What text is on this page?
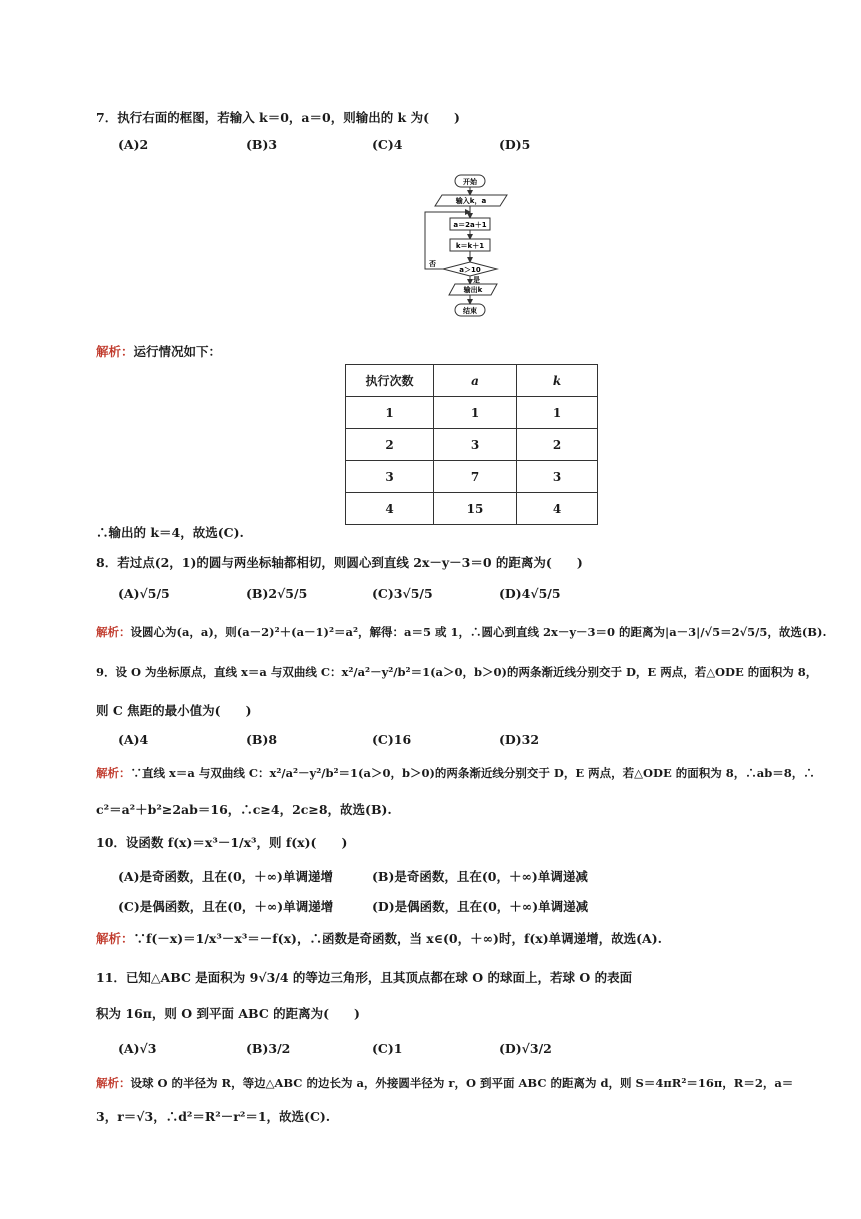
7．执行右面的框图，若输入 k＝0，a＝0，则输出的 k 为(　　)
(A)2	(B)3	(C)4	(D)5
开始
输入k，a
a＝2a＋1
k＝k＋1
a＞10
否
是
输出k
结束
解析：运行情况如下：
执行次数	a	k
1	1	1
2	3	2
3	7	3
4	15	4
∴输出的 k＝4，故选(C).
8．若过点(2，1)的圆与两坐标轴都相切，则圆心到直线 2x－y－3＝0 的距离为(　　)
(A)√5/5	(B)2√5/5	(C)3√5/5	(D)4√5/5
解析：设圆心为(a，a)，则(a－2)²＋(a－1)²＝a²，解得：a＝5 或 1，∴圆心到直线 2x－y－3＝0 的距离为|a－3|/√5＝2√5/5，故选(B).
9．设 O 为坐标原点，直线 x＝a 与双曲线 C：x²/a²－y²/b²＝1(a＞0，b＞0)的两条渐近线分别交于 D，E 两点，若△ODE 的面积为 8，
则 C 焦距的最小值为(　　)
(A)4	(B)8	(C)16	(D)32
解析：∵直线 x＝a 与双曲线 C：x²/a²－y²/b²＝1(a＞0，b＞0)的两条渐近线分别交于 D，E 两点，若△ODE 的面积为 8，∴ab＝8，∴
c²＝a²＋b²≥2ab＝16，∴c≥4，2c≥8，故选(B).
10．设函数 f(x)＝x³－1/x³，则 f(x)(　　)
(A)是奇函数，且在(0，＋∞)单调递增	(B)是奇函数，且在(0，＋∞)单调递减
(C)是偶函数，且在(0，＋∞)单调递增	(D)是偶函数，且在(0，＋∞)单调递减
解析：∵f(－x)＝1/x³－x³＝－f(x)，∴函数是奇函数，当 x∈(0，＋∞)时，f(x)单调递增，故选(A).
11．已知△ABC 是面积为 9√3/4 的等边三角形，且其顶点都在球 O 的球面上，若球 O 的表面
积为 16π，则 O 到平面 ABC 的距离为(　　)
(A)√3	(B)3/2	(C)1	(D)√3/2
解析：设球 O 的半径为 R，等边△ABC 的边长为 a，外接圆半径为 r，O 到平面 ABC 的距离为 d，则 S＝4πR²＝16π，R＝2，a＝
3，r＝√3，∴d²＝R²－r²＝1，故选(C).
